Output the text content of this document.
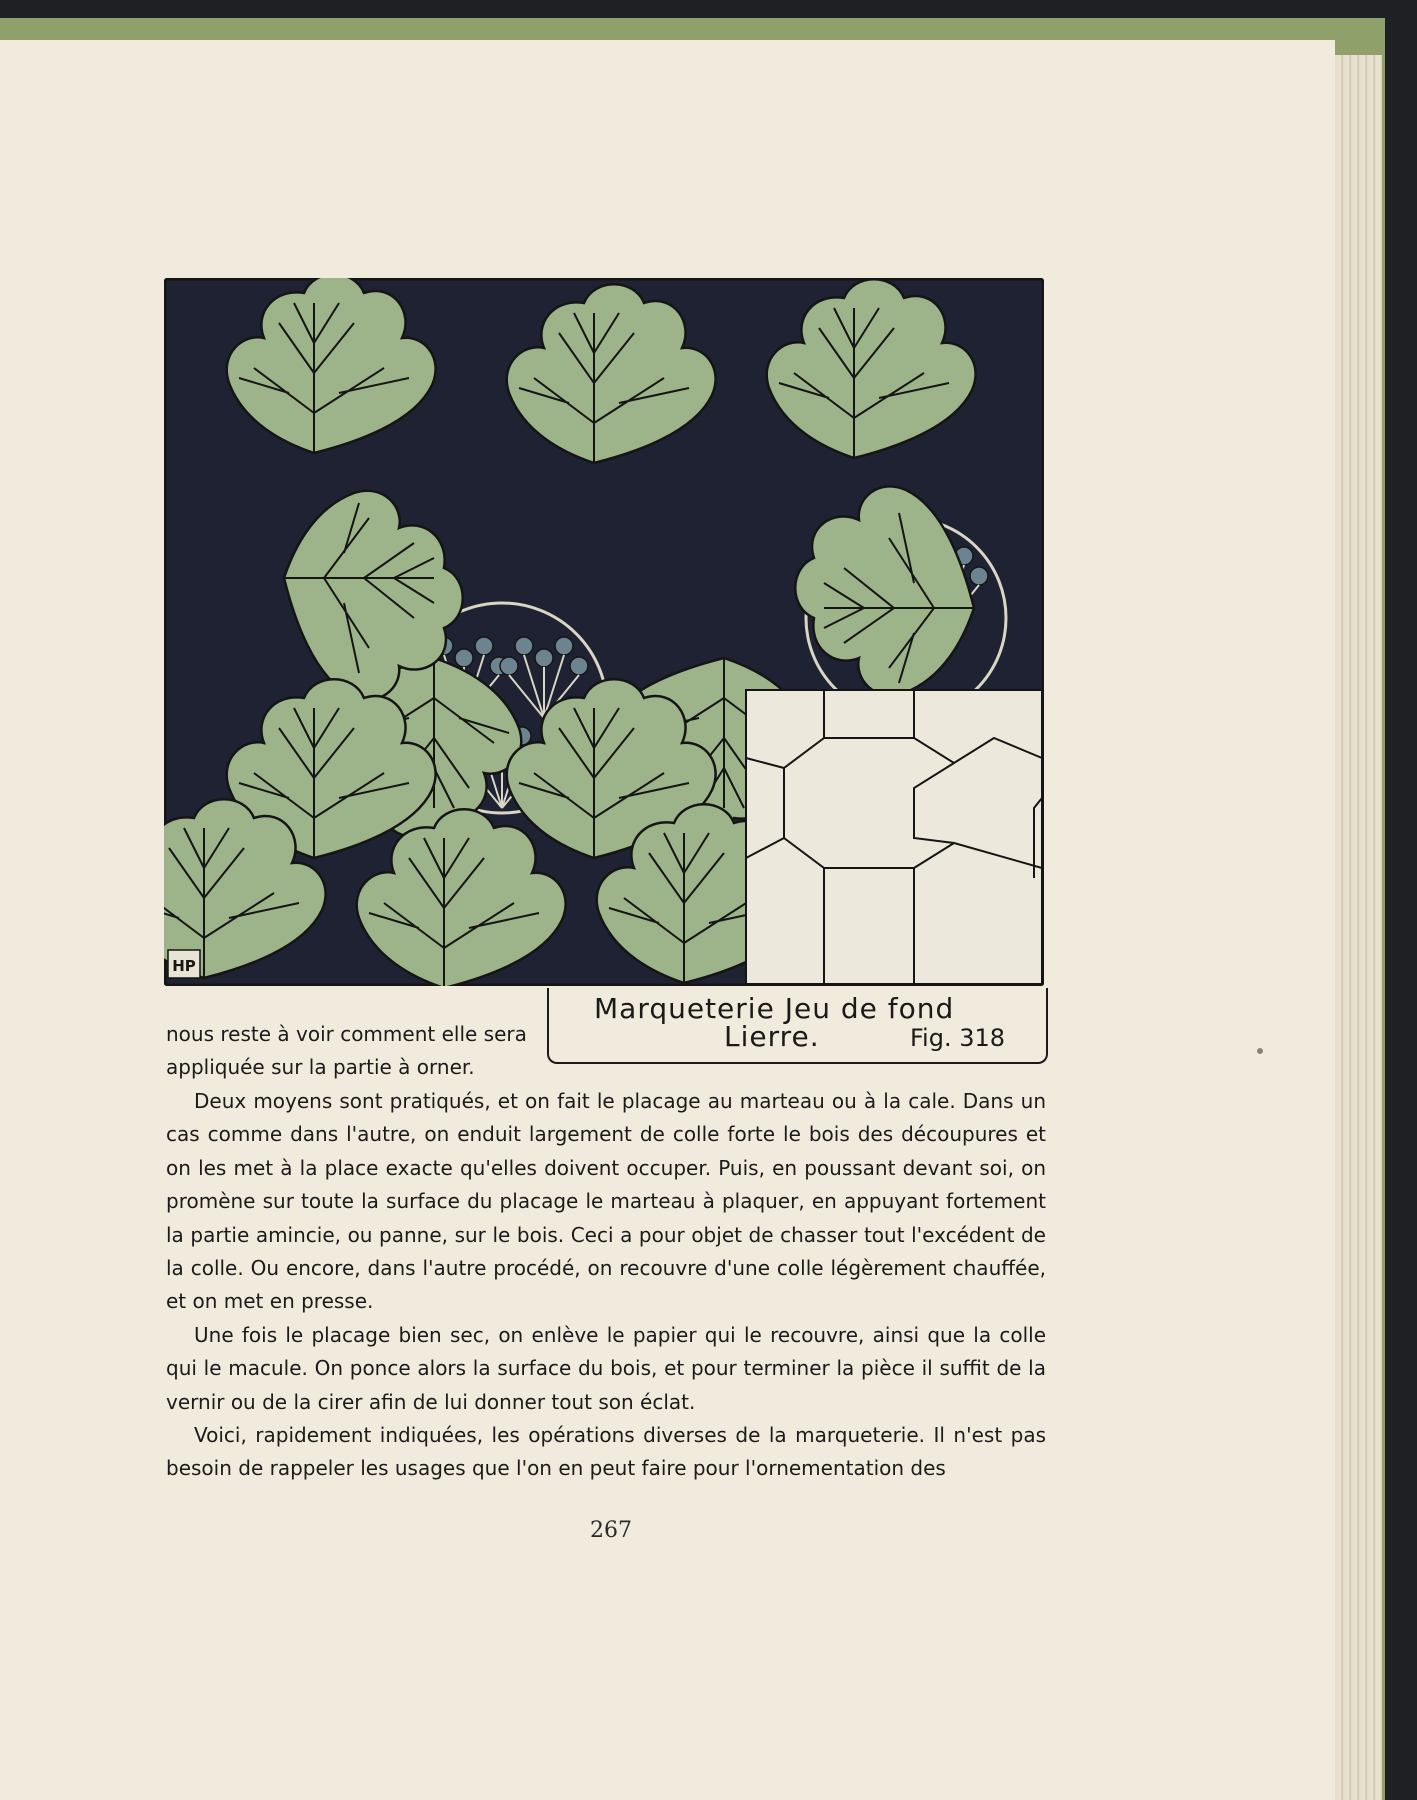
HP
Marqueterie Jeu de fond
Lierre.	Fig. 318

nous reste à voir comment elle sera appliquée sur la partie à orner.

Deux moyens sont pratiqués, et on fait le placage au marteau ou à la cale. Dans un cas comme dans l'autre, on enduit largement de colle forte le bois des découpures et on les met à la place exacte qu'elles doivent occuper. Puis, en poussant devant soi, on promène sur toute la surface du placage le marteau à plaquer, en appuyant fortement la partie amincie, ou panne, sur le bois. Ceci a pour objet de chasser tout l'excédent de la colle. Ou encore, dans l'autre procédé, on recouvre d'une colle légèrement chauffée, et on met en presse.

Une fois le placage bien sec, on enlève le papier qui le recouvre, ainsi que la colle qui le macule. On ponce alors la surface du bois, et pour terminer la pièce il suffit de la vernir ou de la cirer afin de lui donner tout son éclat.

Voici, rapidement indiquées, les opérations diverses de la marqueterie. Il n'est pas besoin de rappeler les usages que l'on en peut faire pour l'ornementation des

267
